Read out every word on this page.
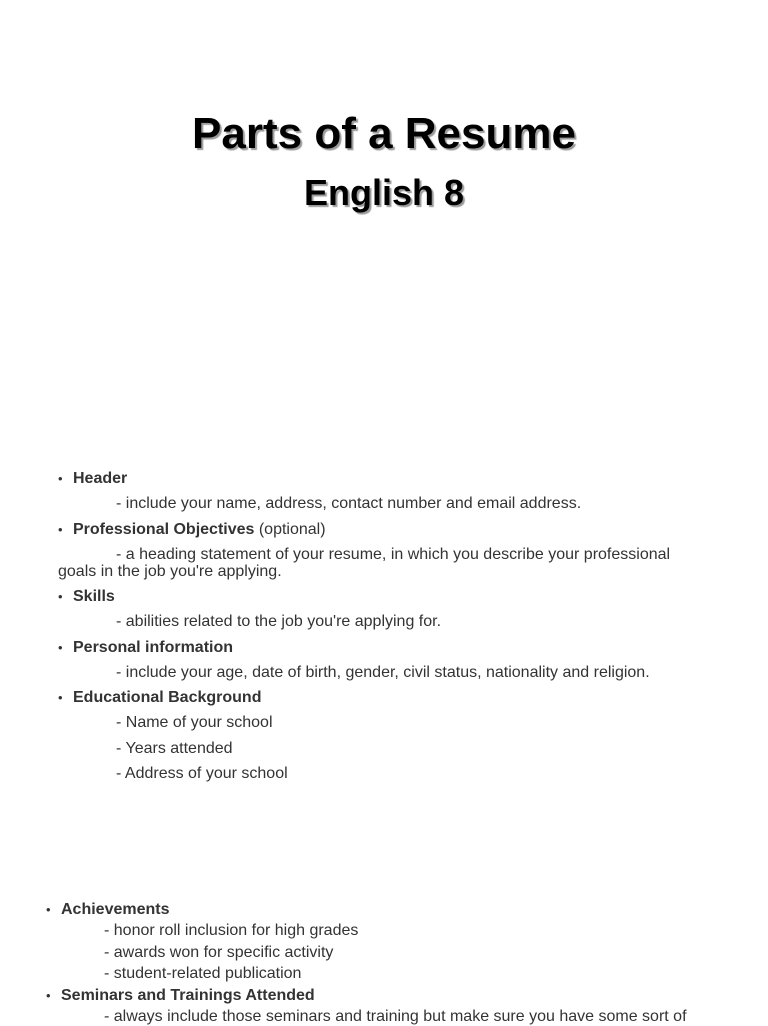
Parts of a Resume
English 8
• Header
- include your name, address, contact number and email address.
• Professional Objectives (optional)
- a heading statement of your resume, in which you describe your professional
goals in the job you're applying.
• Skills
- abilities related to the job you're applying for.
• Personal information
- include your age, date of birth, gender, civil status, nationality and religion.
• Educational Background
- Name of your school
- Years attended
- Address of your school
• Achievements
- honor roll inclusion for high grades
- awards won for specific activity
- student-related publication
• Seminars and Trainings Attended
- always include those seminars and training but make sure you have some sort of
